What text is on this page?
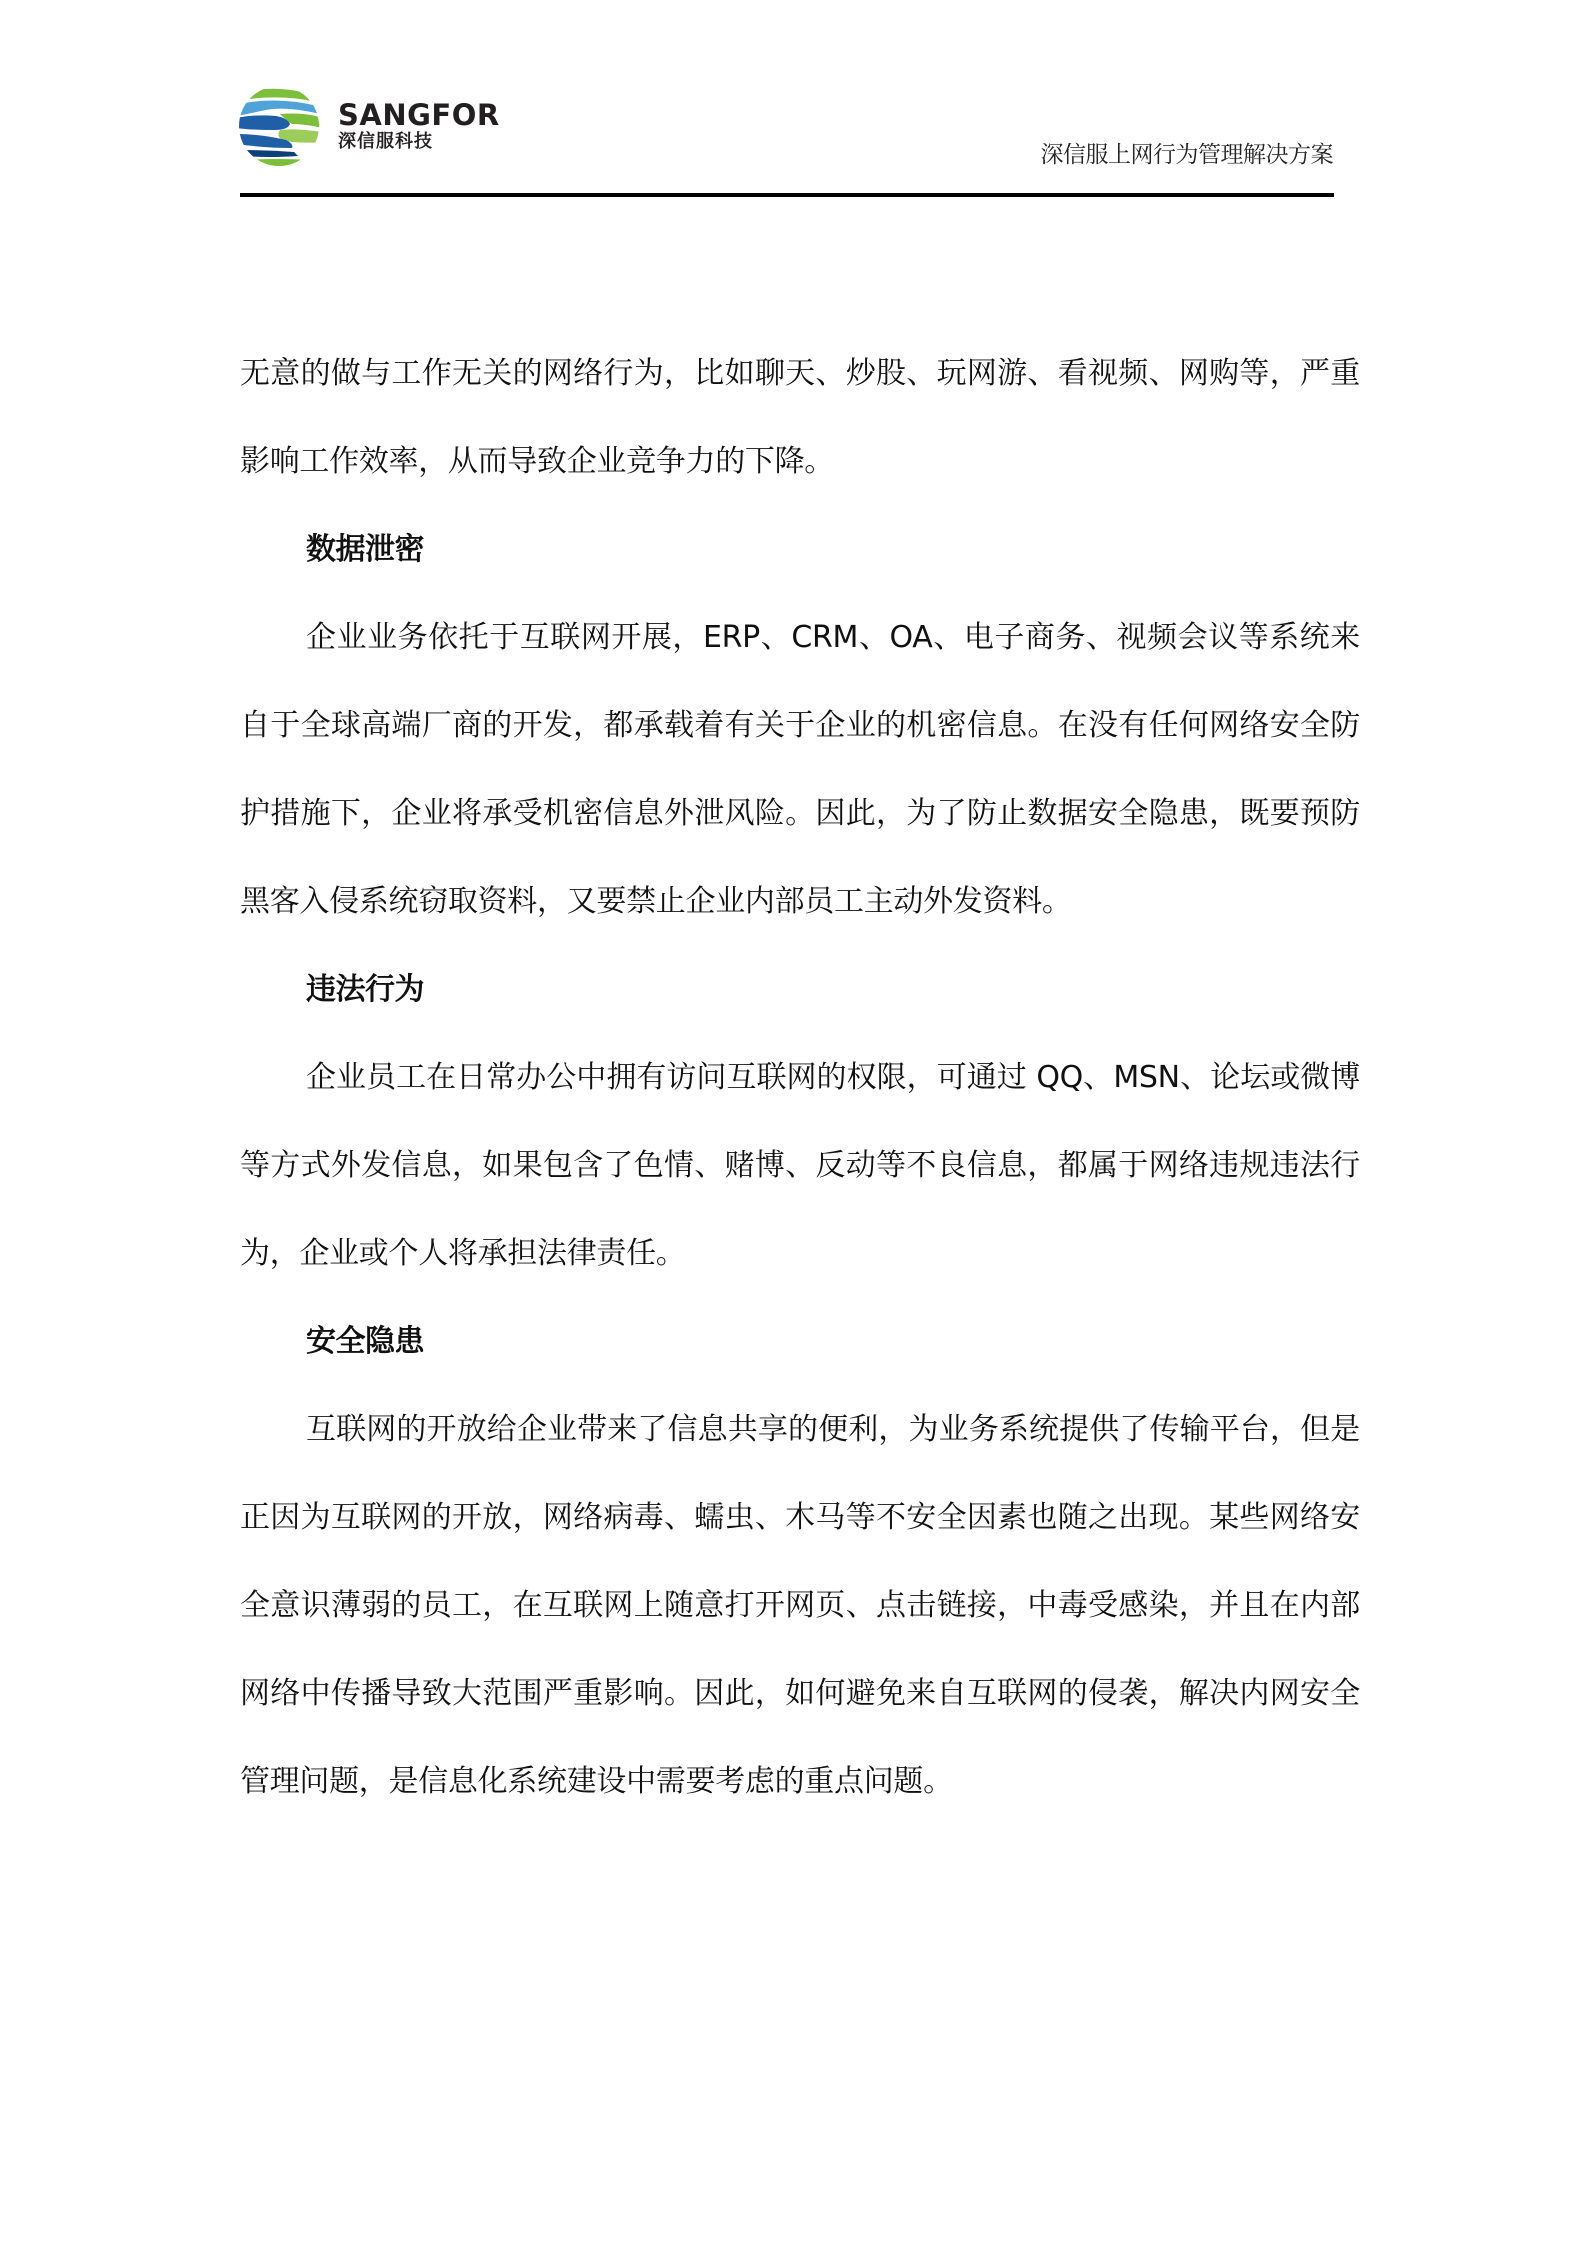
SANGFOR
深信服科技
深信服上网行为管理解决方案

无意的做与工作无关的网络行为，比如聊天、炒股、玩网游、看视频、网购等，严重影响工作效率，从而导致企业竞争力的下降。

数据泄密

企业业务依托于互联网开展，ERP、CRM、OA、电子商务、视频会议等系统来自于全球高端厂商的开发，都承载着有关于企业的机密信息。在没有任何网络安全防护措施下，企业将承受机密信息外泄风险。因此，为了防止数据安全隐患，既要预防黑客入侵系统窃取资料，又要禁止企业内部员工主动外发资料。

违法行为

企业员工在日常办公中拥有访问互联网的权限，可通过 QQ、MSN、论坛或微博等方式外发信息，如果包含了色情、赌博、反动等不良信息，都属于网络违规违法行为，企业或个人将承担法律责任。

安全隐患

互联网的开放给企业带来了信息共享的便利，为业务系统提供了传输平台，但是正因为互联网的开放，网络病毒、蠕虫、木马等不安全因素也随之出现。某些网络安全意识薄弱的员工，在互联网上随意打开网页、点击链接，中毒受感染，并且在内部网络中传播导致大范围严重影响。因此，如何避免来自互联网的侵袭，解决内网安全管理问题，是信息化系统建设中需要考虑的重点问题。
